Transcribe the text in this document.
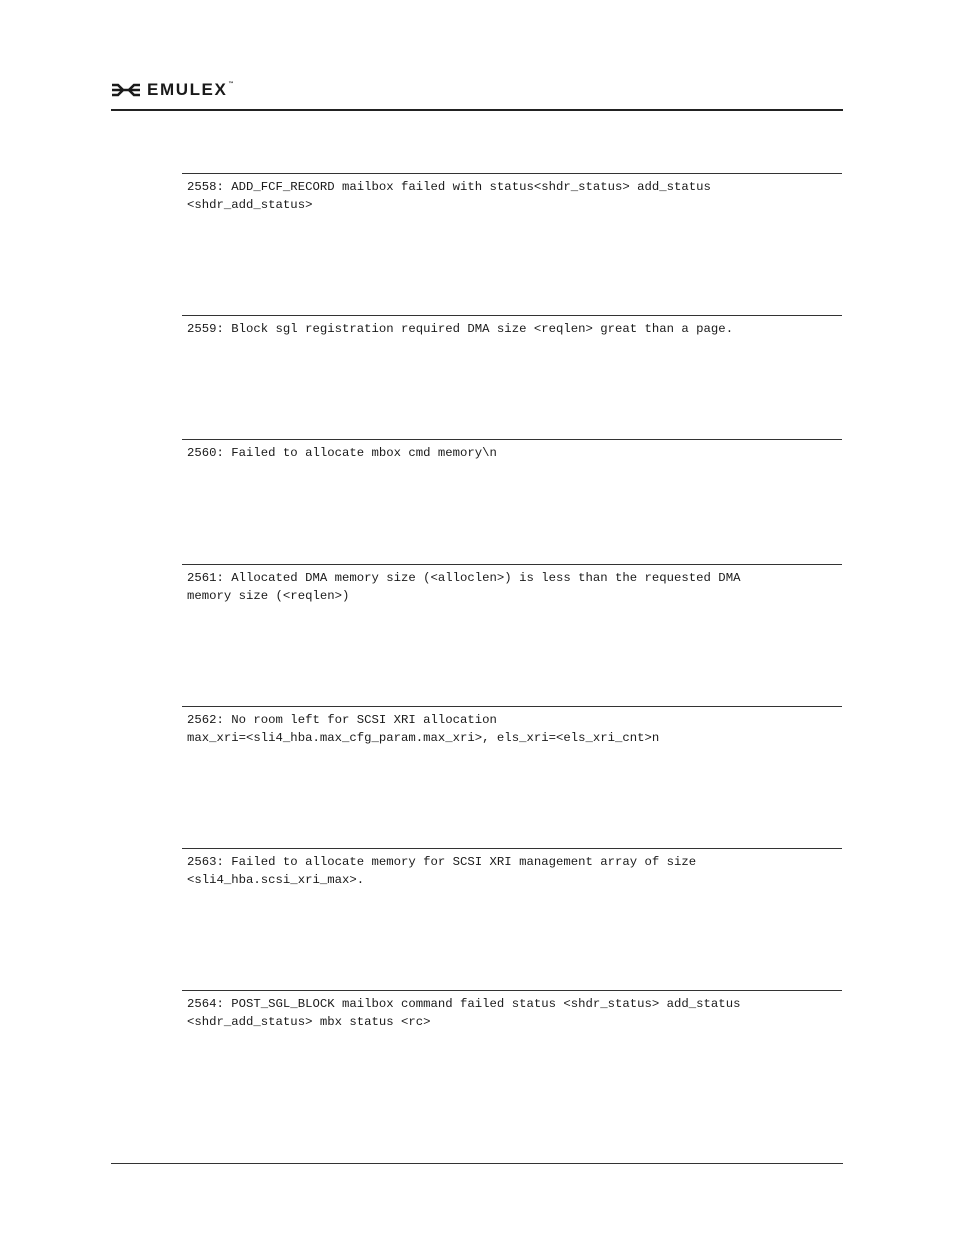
EMULEX™

2558: ADD_FCF_RECORD mailbox failed with status<shdr_status> add_status
<shdr_add_status>

2559: Block sgl registration required DMA size <reqlen> great than a page.

2560: Failed to allocate mbox cmd memory\n

2561: Allocated DMA memory size (<alloclen>) is less than the requested DMA
memory size (<reqlen>)

2562: No room left for SCSI XRI allocation
max_xri=<sli4_hba.max_cfg_param.max_xri>, els_xri=<els_xri_cnt>n

2563: Failed to allocate memory for SCSI XRI management array of size
<sli4_hba.scsi_xri_max>.

2564: POST_SGL_BLOCK mailbox command failed status <shdr_status> add_status
<shdr_add_status> mbx status <rc>
